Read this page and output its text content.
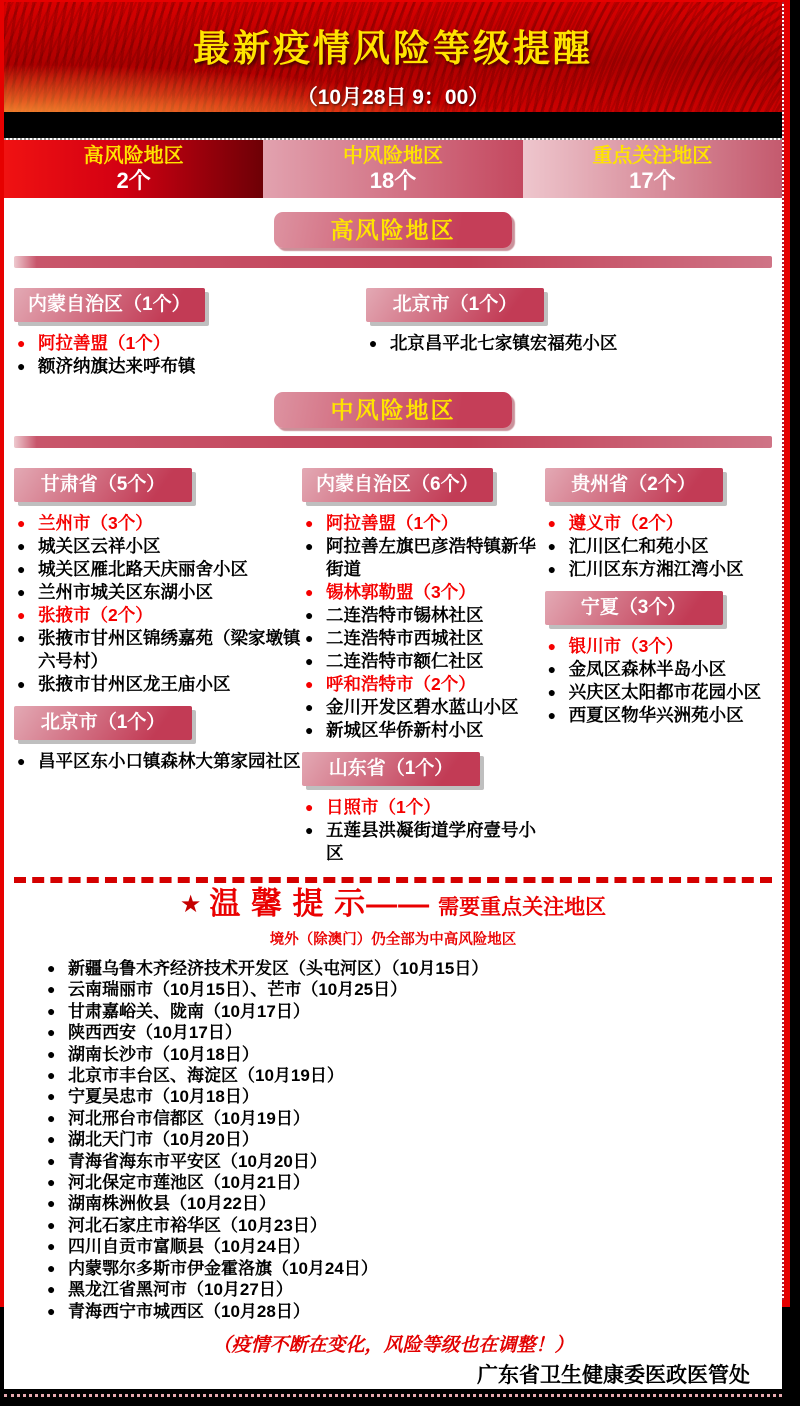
最新疫情风险等级提醒
（10月28日 9：00）
高风险地区
2个
中风险地区
18个
重点关注地区
17个
高风险地区
内蒙自治区（1个）
● 阿拉善盟（1个）
● 额济纳旗达来呼布镇
北京市（1个）
● 北京昌平北七家镇宏福苑小区
中风险地区
甘肃省（5个）
● 兰州市（3个）
● 城关区云祥小区
● 城关区雁北路天庆丽舍小区
● 兰州市城关区东湖小区
● 张掖市（2个）
● 张掖市甘州区锦绣嘉苑（梁家墩镇六号村）
● 张掖市甘州区龙王庙小区
北京市（1个）
● 昌平区东小口镇森林大第家园社区
内蒙自治区（6个）
● 阿拉善盟（1个）
● 阿拉善左旗巴彦浩特镇新华街道
● 锡林郭勒盟（3个）
● 二连浩特市锡林社区
● 二连浩特市西城社区
● 二连浩特市额仁社区
● 呼和浩特市（2个）
● 金川开发区碧水蓝山小区
● 新城区华侨新村小区
山东省（1个）
● 日照市（1个）
● 五莲县洪凝街道学府壹号小区
贵州省（2个）
● 遵义市（2个）
● 汇川区仁和苑小区
● 汇川区东方湘江湾小区
宁夏（3个）
● 银川市（3个）
● 金凤区森林半岛小区
● 兴庆区太阳都市花园小区
● 西夏区物华兴洲苑小区
★ 温 馨 提 示—— 需要重点关注地区
境外（除澳门）仍全部为中高风险地区
● 新疆乌鲁木齐经济技术开发区（头屯河区）（10月15日）
● 云南瑞丽市（10月15日）、芒市（10月25日）
● 甘肃嘉峪关、陇南（10月17日）
● 陕西西安（10月17日）
● 湖南长沙市（10月18日）
● 北京市丰台区、海淀区（10月19日）
● 宁夏吴忠市（10月18日）
● 河北邢台市信都区（10月19日）
● 湖北天门市（10月20日）
● 青海省海东市平安区（10月20日）
● 河北保定市莲池区（10月21日）
● 湖南株洲攸县（10月22日）
● 河北石家庄市裕华区（10月23日）
● 四川自贡市富顺县（10月24日）
● 内蒙鄂尔多斯市伊金霍洛旗（10月24日）
● 黑龙江省黑河市（10月27日）
● 青海西宁市城西区（10月28日）
（疫情不断在变化，风险等级也在调整！）
广东省卫生健康委医政医管处
